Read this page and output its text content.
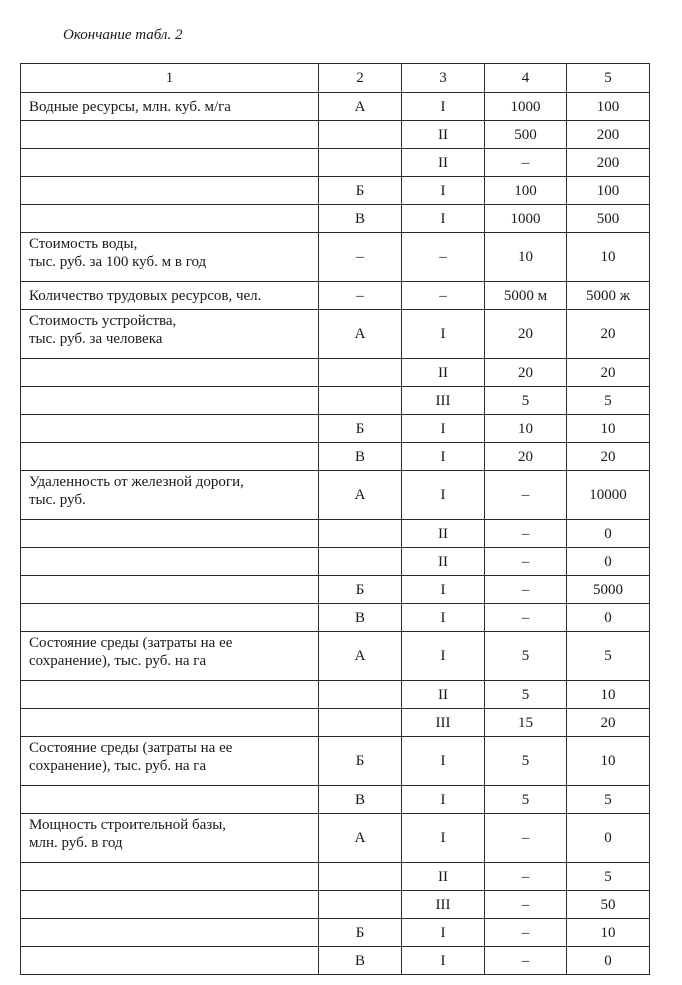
Окончание табл. 2
1	2	3	4	5

Водные ресурсы, млн. куб. м/га	А	I	1000	100
		II	500	200
		II	–	200
	Б	I	100	100
	В	I	1000	500

Стоимость воды,
тыс. руб. за 100 куб. м в год	–	–	10	10

Количество трудовых ресурсов, чел.	–	–	5000 м	5000 ж

Стоимость устройства,
тыс. руб. за человека	А	I	20	20
		II	20	20
		III	5	5
	Б	I	10	10
	В	I	20	20

Удаленность от железной дороги,
тыс. руб.	А	I	–	10000
		II	–	0
		II	–	0
	Б	I	–	5000
	В	I	–	0

Состояние среды (затраты на ее
сохранение), тыс. руб. на га	А	I	5	5
		II	5	10
		III	15	20

Состояние среды (затраты на ее
сохранение), тыс. руб. на га	Б	I	5	10
	В	I	5	5

Мощность строительной базы,
млн. руб. в год	А	I	–	0
		II	–	5
		III	–	50
	Б	I	–	10
	В	I	–	0
